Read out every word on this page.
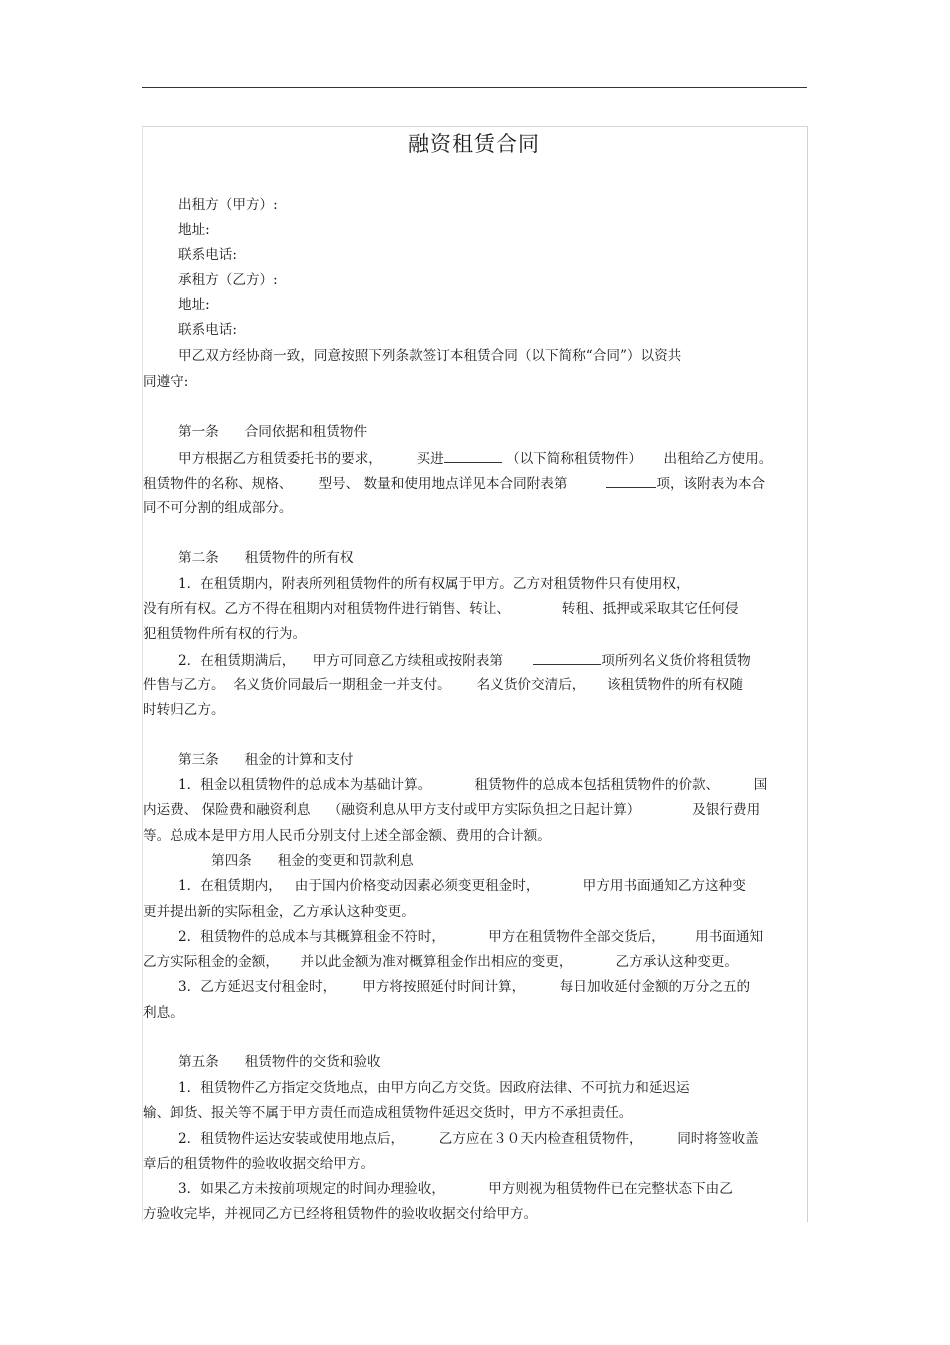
融资租赁合同
出租方（甲方）:
地址:
联系电话:
承租方（乙方）:
地址:
联系电话:
甲乙双方经协商一致，同意按照下列条款签订本租赁合同（以下简称“合同”）以资共
同遵守:
第一条      合同依据和租赁物件
甲方根据乙方租赁委托书的要求，        买进	（以下简称租赁物件）     出租给乙方使用。
租赁物件的名称、规格、      型号、 数量和使用地点详见本合同附表第	项，该附表为本合
同不可分割的组成部分。
第二条      租赁物件的所有权
1．在租赁期内，附表所列租赁物件的所有权属于甲方。乙方对租赁物件只有使用权，
没有所有权。乙方不得在租期内对租赁物件进行销售、转让、            转租、抵押或采取其它任何侵
犯租赁物件所有权的行为。
2．在租赁期满后，    甲方可同意乙方续租或按附表第	项所列名义货价将租赁物
件售与乙方。  名义货价同最后一期租金一并支付。      名义货价交清后，     该租赁物件的所有权随
时转归乙方。
第三条      租金的计算和支付
1．租金以租赁物件的总成本为基础计算。          租赁物件的总成本包括租赁物件的价款、        国
内运费、 保险费和融资利息    （融资利息从甲方支付或甲方实际负担之日起计算）            及银行费用
等。总成本是甲方用人民币分别支付上述全部金额、费用的合计额。
第四条      租金的变更和罚款利息
1．在租赁期内，   由于国内价格变动因素必须变更租金时，          甲方用书面通知乙方这种变
更并提出新的实际租金，乙方承认这种变更。
2．租赁物件的总成本与其概算租金不符时，          甲方在租赁物件全部交货后，       用书面通知
乙方实际租金的金额，     并以此金额为准对概算租金作出相应的变更，          乙方承认这种变更。
3．乙方延迟支付租金时，      甲方将按照延付时间计算，        每日加收延付金额的万分之五的
利息。
第五条      租赁物件的交货和验收
1．租赁物件乙方指定交货地点，由甲方向乙方交货。因政府法律、不可抗力和延迟运
输、卸货、报关等不属于甲方责任而造成租赁物件延迟交货时，甲方不承担责任。
2．租赁物件运达安装或使用地点后，        乙方应在３０天内检查租赁物件，        同时将签收盖
章后的租赁物件的验收收据交给甲方。
3．如果乙方未按前项规定的时间办理验收，          甲方则视为租赁物件已在完整状态下由乙
方验收完毕，并视同乙方已经将租赁物件的验收收据交付给甲方。
